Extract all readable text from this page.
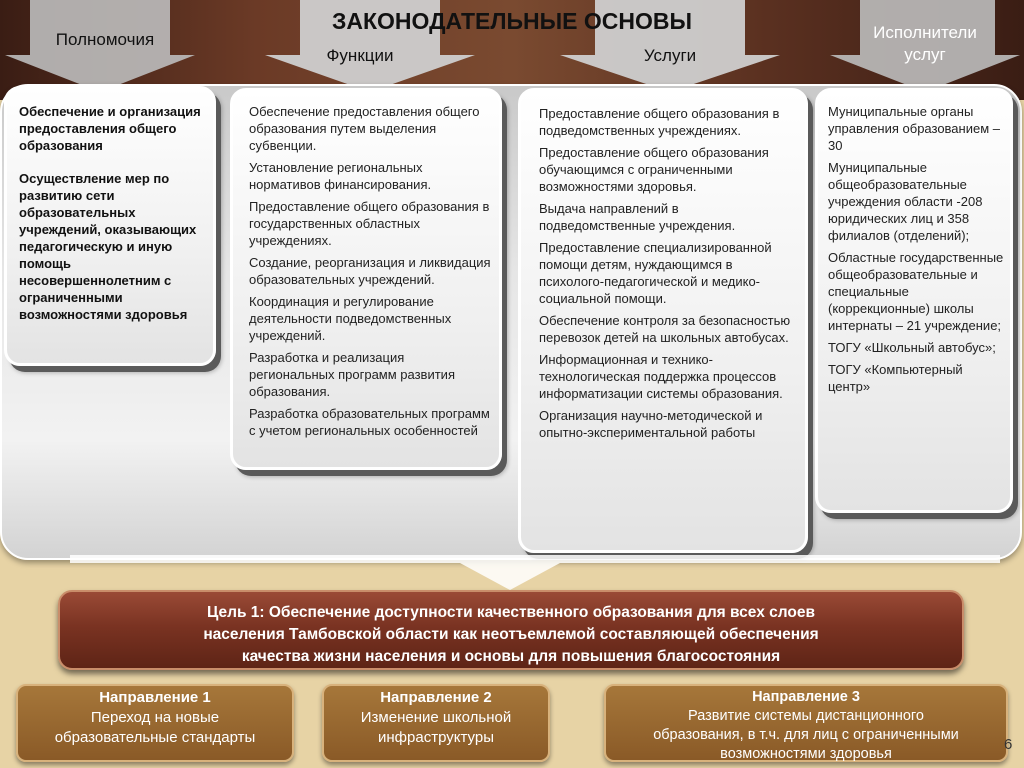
ЗАКОНОДАТЕЛЬНЫЕ ОСНОВЫ
Полномочия
Функции	Услуги
Исполнители
услуг

Обеспечение и организация предоставления общего образования

Осуществление мер по развитию сети образовательных учреждений, оказывающих педагогическую и иную помощь несовершеннолетним с ограниченными возможностями здоровья

Обеспечение предоставления общего образования путем выделения субвенции.

Установление региональных нормативов финансирования.

Предоставление общего образования в государственных областных учреждениях.

Создание, реорганизация и ликвидация образовательных учреждений.

Координация и регулирование деятельности подведомственных учреждений.

Разработка и реализация региональных программ развития образования.

Разработка образовательных программ с учетом региональных особенностей

Предоставление общего образования в подведомственных учреждениях.

Предоставление общего образования обучающимся с ограниченными возможностями здоровья.

Выдача направлений в подведомственные учреждения.

Предоставление специализированной помощи детям, нуждающимся в психолого-педагогической и медико-социальной помощи.

Обеспечение контроля за безопасностью перевозок детей на школьных автобусах.

Информационная и технико-технологическая поддержка процессов информатизации системы образования.

Организация научно-методической и опытно-экспериментальной работы

Муниципальные органы управления образованием – 30

Муниципальные общеобразовательные учреждения области -208 юридических лиц и 358 филиалов (отделений);

Областные государственные общеобразовательные и специальные (коррекционные) школы интернаты – 21 учреждение;

ТОГУ «Школьный автобус»;

ТОГУ «Компьютерный центр»

Цель 1: Обеспечение доступности качественного образования для всех слоев
населения Тамбовской области как неотъемлемой составляющей обеспечения
качества жизни населения и основы для повышения благосостояния
Направление 1
Переход на новые
образовательные стандарты
Направление 2
Изменение школьной
инфраструктуры
Направление 3
Развитие системы дистанционного
образования, в т.ч. для лиц с ограниченными
возможностями здоровья
6
